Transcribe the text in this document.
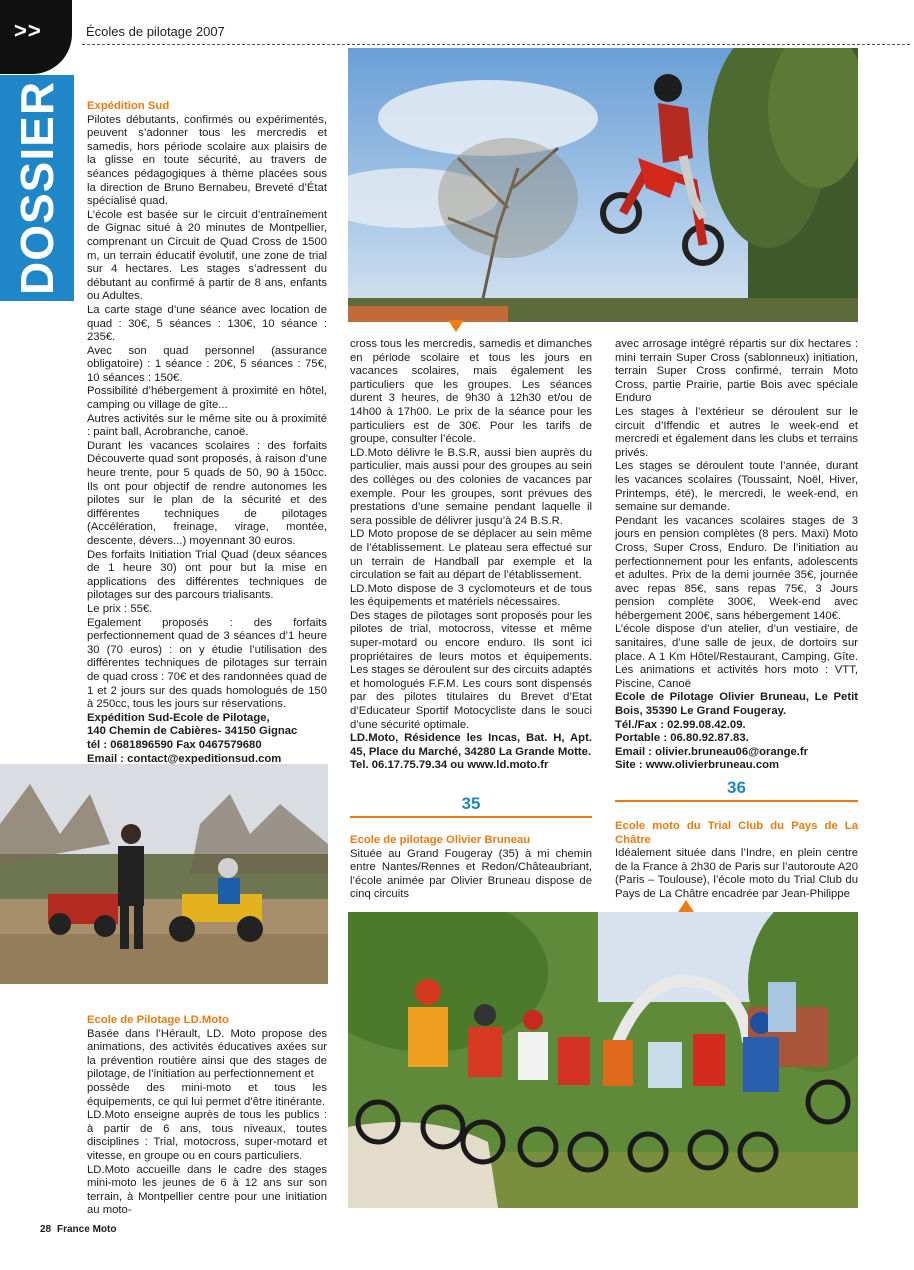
>>	Écoles de pilotage 2007
DOSSIER	Expédition Sud

Pilotes débutants, confirmés ou expérimentés, peuvent s’adonner tous les mercredis et samedis, hors période scolaire aux plaisirs de la glisse en toute sécurité, au travers de séances pédagogiques à thème placées sous la direction de Bruno Bernabeu, Breveté d’État spécialisé quad.

L’école est basée sur le circuit d’entraînement de Gignac situé à 20 minutes de Montpellier, comprenant un Circuit de Quad Cross de 1500 m, un terrain éducatif évolutif, une zone de trial sur 4 hectares. Les stages s’adressent du débutant au confirmé à partir de 8 ans, enfants ou Adultes.

La carte stage d’une séance avec location de quad : 30€, 5 séances : 130€, 10 séance : 235€.

Avec son quad personnel (assurance obligatoire) : 1 séance : 20€, 5 séances : 75€, 10 séances : 150€.

Possibilité d’hébergement à proximité en hôtel, camping ou village de gîte...

Autres activités sur le même site ou à proximité : paint ball, Acrobranche, canoë.

Durant les vacances scolaires : des forfaits Découverte quad sont proposés, à raison d’une heure trente, pour 5 quads de 50, 90 à 150cc. Ils ont pour objectif de rendre autonomes les pilotes sur le plan de la sécurité et des différentes techniques de pilotages (Accélération, freinage, virage, montée, descente, dévers...) moyennant 30 euros.

Des forfaits Initiation Trial Quad (deux séances de 1 heure 30) ont pour but la mise en applications des différentes techniques de pilotages sur des parcours trialisants.

Le prix : 55€.

Egalement proposés : des forfaits perfectionnement quad de 3 séances d’1 heure 30 (70 euros) : on y étudie l’utilisation des différentes techniques de pilotages sur terrain de quad cross : 70€ et des randonnées quad de 1 et 2 jours sur des quads homologués de 150 à 250cc, tous les jours sur réservations.

Expédition Sud-Ecole de Pilotage,

140 Chemin de Cabières- 34150 Gignac

tél : 0681896590 Fax 0467579680

Email : contact@expeditionsud.com

Ecole de Pilotage LD.Moto

Basée dans l’Hérault, LD. Moto propose des animations, des activités éducatives axées sur la prévention routière ainsi que des stages de pilotage, de l’initiation au perfectionnement et

possède des mini-moto et tous les équipements, ce qui lui permet d’être itinérante.

LD.Moto enseigne auprès de tous les publics : à partir de 6 ans, tous niveaux, toutes disciplines : Trial, motocross, super-motard et vitesse, en groupe ou en cours particuliers.

LD.Moto accueille dans le cadre des stages mini-moto les jeunes de 6 à 12 ans sur son terrain, à Montpellier centre pour une initiation au moto-

cross tous les mercredis, samedis et dimanches en période scolaire et tous les jours en vacances scolaires, mais également les particuliers que les groupes. Les séances durent 3 heures, de 9h30 à 12h30 et/ou de 14h00 à 17h00. Le prix de la séance pour les particuliers est de 30€. Pour les tarifs de groupe, consulter l’école.

LD.Moto délivre le B.S.R, aussi bien auprès du particulier, mais aussi pour des groupes au sein des collèges ou des colonies de vacances par exemple. Pour les groupes, sont prévues des prestations d’une semaine pendant laquelle il sera possible de délivrer jusqu’à 24 B.S.R.

LD Moto propose de se déplacer au sein même de l’établissement. Le plateau sera effectué sur un terrain de Handball par exemple et la circulation se fait au départ de l’établissement.

LD.Moto dispose de 3 cyclomoteurs et de tous les équipements et matériels nécessaires.

Des stages de pilotages sont proposés pour les pilotes de trial, motocross, vitesse et même super-motard ou encore enduro. Ils sont ici propriétaires de leurs motos et équipements. Les stages se déroulent sur des circuits adaptés et homologués F.F.M. Les cours sont dispensés par des pilotes titulaires du Brevet d’Etat d’Educateur Sportif Motocycliste dans le souci d’une sécurité optimale.

LD.Moto, Résidence les Incas, Bat. H, Apt. 45, Place du Marché, 34280 La Grande Motte.

Tel. 06.17.75.79.34 ou www.ld.moto.fr

35

Ecole de pilotage Olivier Bruneau

Située au Grand Fougeray (35) à mi chemin entre Nantes/Rennes et Redon/Châteaubriant, l’école animée par Olivier Bruneau dispose de cinq circuits

avec arrosage intégré répartis sur dix hectares : mini terrain Super Cross (sablonneux) initiation, terrain Super Cross confirmé, terrain Moto Cross, partie Prairie, partie Bois avec spéciale Enduro

Les stages à l’extérieur se déroulent sur le circuit d’Iffendic et autres le week-end et mercredi et également dans les clubs et terrains privés.

Les stages se déroulent toute l’année, durant les vacances scolaires (Toussaint, Noël, Hiver, Printemps, été), le mercredi, le week-end, en semaine sur demande.

Pendant les vacances scolaires stages de 3 jours en pension complètes (8 pers. Maxi) Moto Cross, Super Cross, Enduro. De l’initiation au perfectionnement pour les enfants, adolescents et adultes. Prix de la demi journée 35€, journée avec repas 85€, sans repas 75€, 3 Jours pension complète 300€, Week-end avec hébergement 200€, sans hébergement 140€.

L’école dispose d’un atelier, d’un vestiaire, de sanitaires, d’une salle de jeux, de dortoirs sur place. A 1 Km Hôtel/Restaurant, Camping, Gîte. Les animations et activités hors moto : VTT, Piscine, Canoë

Ecole de Pilotage Olivier Bruneau, Le Petit Bois, 35390 Le Grand Fougeray.

Tél./Fax : 02.99.08.42.09.

Portable : 06.80.92.87.83.

Email : olivier.bruneau06@orange.fr

Site : www.olivierbruneau.com

36

Ecole moto du Trial Club du Pays de La Châtre

Idéalement située dans l’Indre, en plein centre de la France à 2h30 de Paris sur l’autoroute A20 (Paris – Toulouse), l’école moto du Trial Club du Pays de La Châtre encadrée par Jean-Philippe

28 France Moto
